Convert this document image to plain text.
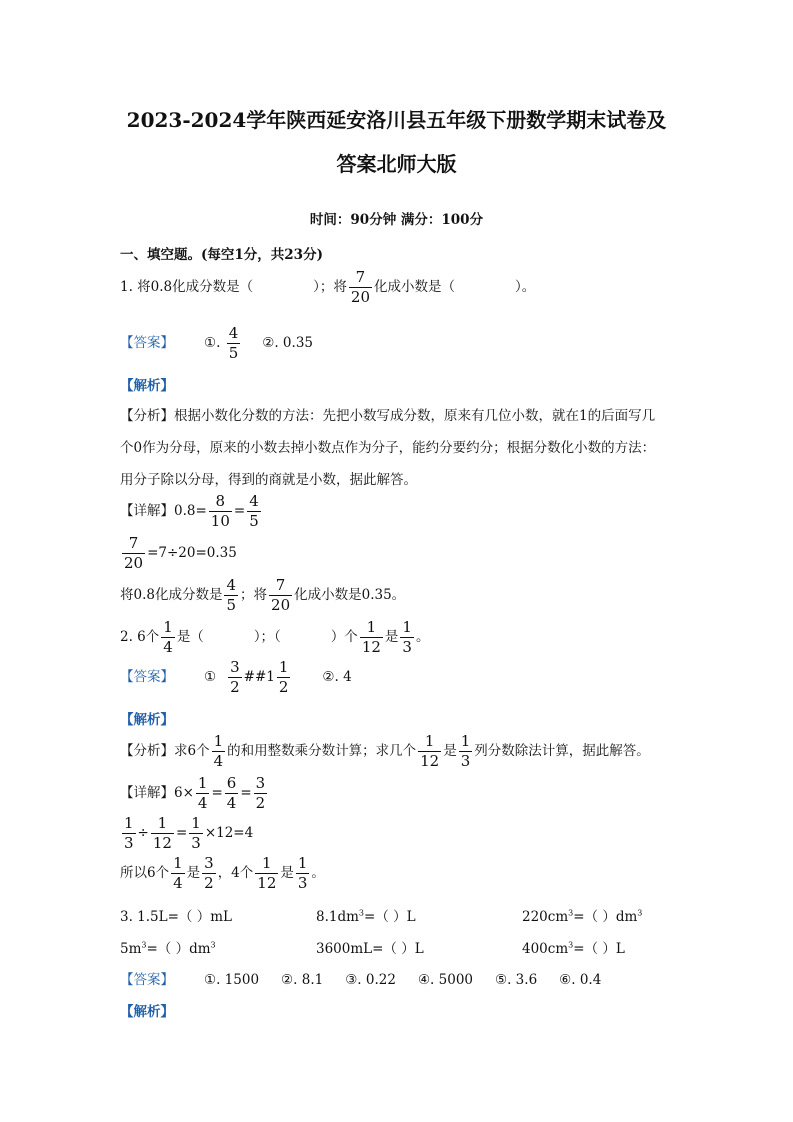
2023-2024学年陕西延安洛川县五年级下册数学期末试卷及
答案北师大版
时间：90分钟 满分：100分
一、填空题。(每空1分，共23分)
1. 将0.8化成分数是（	）；将 $\frac{7}{20}$ 化成小数是（	）。
【答案】 ①. $\frac{4}{5}$ ②. 0.35
【解析】
【分析】根据小数化分数的方法：先把小数写成分数，原来有几位小数，就在1的后面写几
个0作为分母，原来的小数去掉小数点作为分子，能约分要约分；根据分数化小数的方法：
用分子除以分母，得到的商就是小数，据此解答。
【详解】$0.8= \frac{8}{10} = \frac{4}{5}$
$\frac{7}{20} =7\div 20=0.35$
将0.8化成分数是 $\frac{4}{5}$ ；将 $\frac{7}{20}$ 化成小数是0.35。
2. 6个 $\frac{1}{4}$ 是（	）；（	）个 $\frac{1}{12}$ 是 $\frac{1}{3}$ 。
【答案】 ① $\frac{3}{2}$ ##1 $\frac{1}{2}$ ②. 4
【解析】
【分析】求6个 $\frac{1}{4}$ 的和用整数乘分数计算；求几个 $\frac{1}{12}$ 是 $\frac{1}{3}$ 列分数除法计算，据此解答。
【详解】$6\times \frac{1}{4} = \frac{6}{4} = \frac{3}{2}$
$\frac{1}{3} \div \frac{1}{12} = \frac{1}{3} \times 12=4$
所以6个 $\frac{1}{4}$ 是 $\frac{3}{2}$ ，4个 $\frac{1}{12}$ 是 $\frac{1}{3}$ 。
3. 1.5L=（ ）mL	$8.1dm^3=$（ ）L	$220cm^3=$（ ）$dm^3$
$5m^3=$（ ）$dm^3$	3600mL=（ ）L	$400cm^3=$（ ）L
【答案】 ①. 1500 ②. 8.1 ③. 0.22 ④. 5000 ⑤. 3.6 ⑥. 0.4
【解析】
